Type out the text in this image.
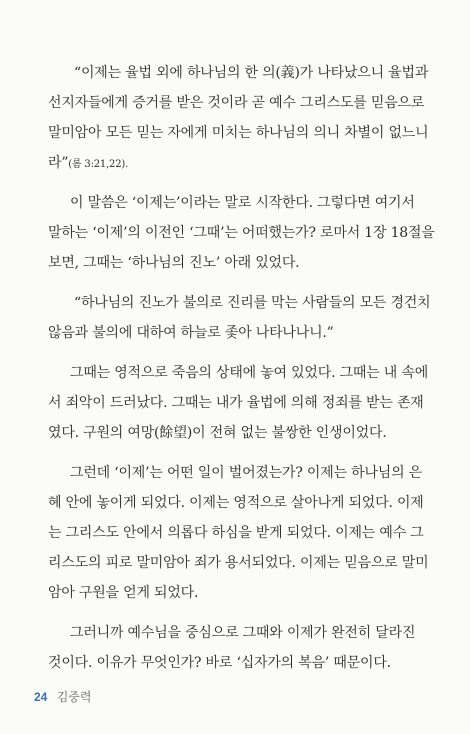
“이제는 율법 외에 하나님의 한 의(義)가 나타났으니 율법과
선지자들에게 증거를 받은 것이라 곧 예수 그리스도를 믿음으로
말미암아 모든 믿는 자에게 미치는 하나님의 의니 차별이 없느니
라”(롬 3:21,22).
이 말씀은 ‘이제는’이라는 말로 시작한다. 그렇다면 여기서
말하는 ‘이제’의 이전인 ‘그때’는 어떠했는가? 로마서 1장 18절을
보면, 그때는 ‘하나님의 진노’ 아래 있었다.
“하나님의 진노가 불의로 진리를 막는 사람들의 모든 경건치
않음과 불의에 대하여 하늘로 좇아 나타나나니.”
그때는 영적으로 죽음의 상태에 놓여 있었다. 그때는 내 속에
서 죄악이 드러났다. 그때는 내가 율법에 의해 정죄를 받는 존재
였다. 구원의 여망(餘望)이 전혀 없는 불쌍한 인생이었다.
그런데 ‘이제’는 어떤 일이 벌어졌는가? 이제는 하나님의 은
혜 안에 놓이게 되었다. 이제는 영적으로 살아나게 되었다. 이제
는 그리스도 안에서 의롭다 하심을 받게 되었다. 이제는 예수 그
리스도의 피로 말미암아 죄가 용서되었다. 이제는 믿음으로 말미
암아 구원을 얻게 되었다.
그러니까 예수님을 중심으로 그때와 이제가 완전히 달라진
것이다. 이유가 무엇인가? 바로 ‘십자가의 복음’ 때문이다.
24 김중력
